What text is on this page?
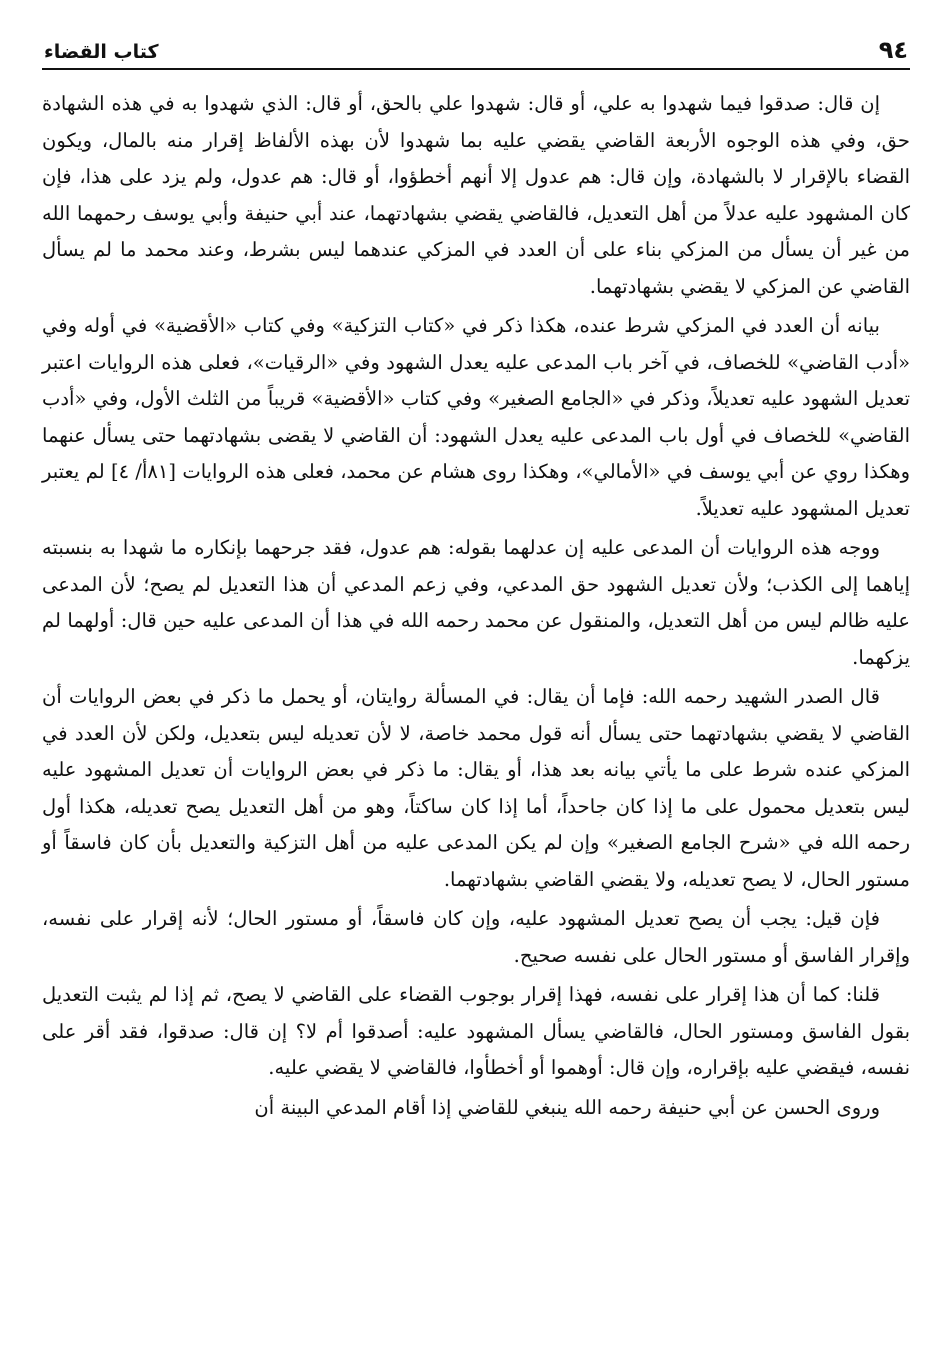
٩٤
كتاب القضاء

إن قال: صدقوا فيما شهدوا به علي، أو قال: شهدوا علي بالحق، أو قال: الذي شهدوا به في هذه الشهادة حق، وفي هذه الوجوه الأربعة القاضي يقضي عليه بما شهدوا لأن بهذه الألفاظ إقرار منه بالمال، ويكون القضاء بالإقرار لا بالشهادة، وإن قال: هم عدول إلا أنهم أخطؤوا، أو قال: هم عدول، ولم يزد على هذا، فإن كان المشهود عليه عدلاً من أهل التعديل، فالقاضي يقضي بشهادتهما، عند أبي حنيفة وأبي يوسف رحمهما الله من غير أن يسأل من المزكي بناء على أن العدد في المزكي عندهما ليس بشرط، وعند محمد ما لم يسأل القاضي عن المزكي لا يقضي بشهادتهما.

بيانه أن العدد في المزكي شرط عنده، هكذا ذكر في «كتاب التزكية» وفي كتاب «الأقضية» في أوله وفي «أدب القاضي» للخصاف، في آخر باب المدعى عليه يعدل الشهود وفي «الرقيات»، فعلى هذه الروايات اعتبر تعديل الشهود عليه تعديلاً، وذكر في «الجامع الصغير» وفي كتاب «الأقضية» قريباً من الثلث الأول، وفي «أدب القاضي» للخصاف في أول باب المدعى عليه يعدل الشهود: أن القاضي لا يقضى بشهادتهما حتى يسأل عنهما وهكذا روي عن أبي يوسف في «الأمالي»، وهكذا روى هشام عن محمد، فعلى هذه الروايات [٨١أ/ ٤] لم يعتبر تعديل المشهود عليه تعديلاً.

ووجه هذه الروايات أن المدعى عليه إن عدلهما بقوله: هم عدول، فقد جرحهما بإنكاره ما شهدا به بنسبته إياهما إلى الكذب؛ ولأن تعديل الشهود حق المدعي، وفي زعم المدعي أن هذا التعديل لم يصح؛ لأن المدعى عليه ظالم ليس من أهل التعديل، والمنقول عن محمد رحمه الله في هذا أن المدعى عليه حين قال: أولهما لم يزكهما.

قال الصدر الشهيد رحمه الله: فإما أن يقال: في المسألة روايتان، أو يحمل ما ذكر في بعض الروايات أن القاضي لا يقضي بشهادتهما حتى يسأل أنه قول محمد خاصة، لا لأن تعديله ليس بتعديل، ولكن لأن العدد في المزكي عنده شرط على ما يأتي بيانه بعد هذا، أو يقال: ما ذكر في بعض الروايات أن تعديل المشهود عليه ليس بتعديل محمول على ما إذا كان جاحداً، أما إذا كان ساكتاً، وهو من أهل التعديل يصح تعديله، هكذا أول رحمه الله في «شرح الجامع الصغير» وإن لم يكن المدعى عليه من أهل التزكية والتعديل بأن كان فاسقاً أو مستور الحال، لا يصح تعديله، ولا يقضي القاضي بشهادتهما.

فإن قيل: يجب أن يصح تعديل المشهود عليه، وإن كان فاسقاً، أو مستور الحال؛ لأنه إقرار على نفسه، وإقرار الفاسق أو مستور الحال على نفسه صحيح.

قلنا: كما أن هذا إقرار على نفسه، فهذا إقرار بوجوب القضاء على القاضي لا يصح، ثم إذا لم يثبت التعديل بقول الفاسق ومستور الحال، فالقاضي يسأل المشهود عليه: أصدقوا أم لا؟ إن قال: صدقوا، فقد أقر على نفسه، فيقضي عليه بإقراره، وإن قال: أوهموا أو أخطأوا، فالقاضي لا يقضي عليه.

وروى الحسن عن أبي حنيفة رحمه الله ينبغي للقاضي إذا أقام المدعي البينة أن
